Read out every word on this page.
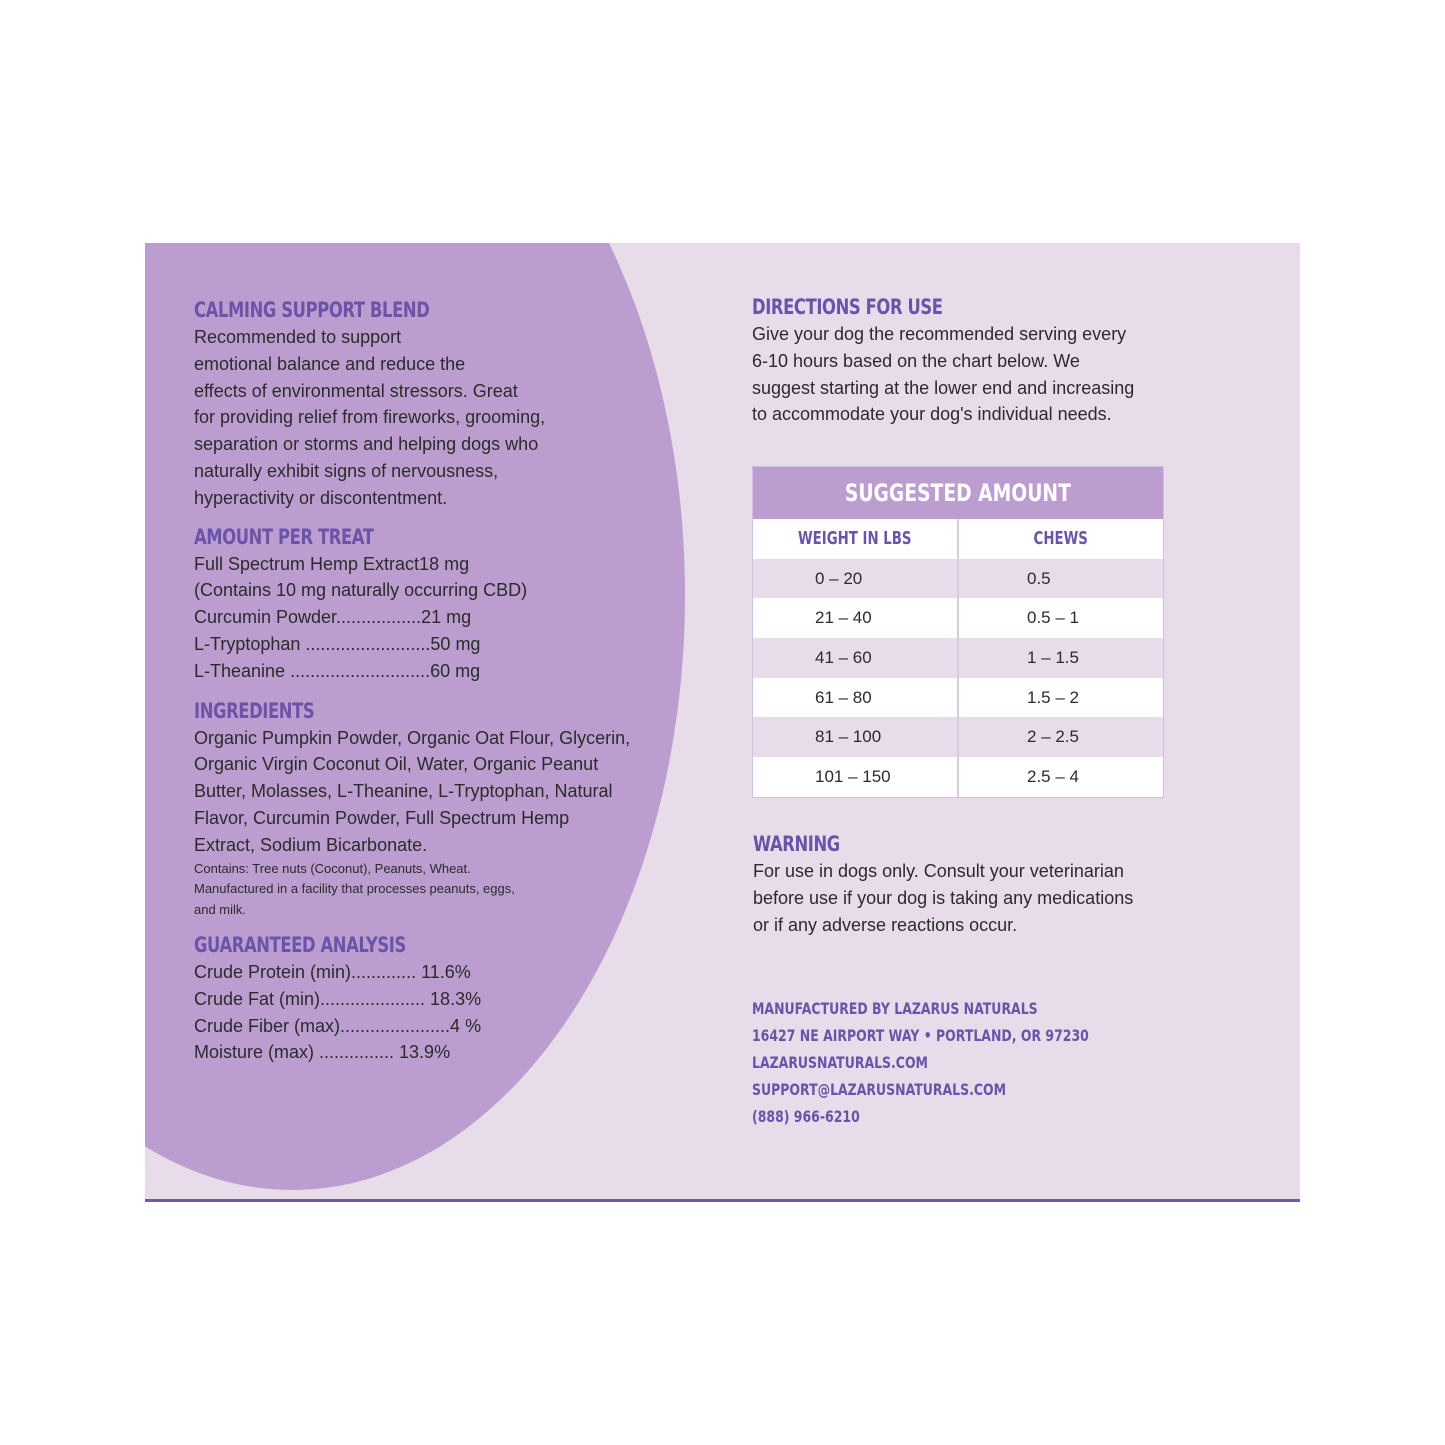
CALMING SUPPORT BLEND

Recommended to support

emotional balance and reduce the

effects of environmental stressors. Great

for providing relief from fireworks, grooming,

separation or storms and helping dogs who

naturally exhibit signs of nervousness,

hyperactivity or discontentment.

AMOUNT PER TREAT

Full Spectrum Hemp Extract18 mg

(Contains 10 mg naturally occurring CBD)

Curcumin Powder.................21 mg

L-Tryptophan .........................50 mg

L-Theanine ............................60 mg

INGREDIENTS

Organic Pumpkin Powder, Organic Oat Flour, Glycerin,

Organic Virgin Coconut Oil, Water, Organic Peanut

Butter, Molasses, L-Theanine, L-Tryptophan, Natural

Flavor, Curcumin Powder, Full Spectrum Hemp

Extract, Sodium Bicarbonate.

Contains: Tree nuts (Coconut), Peanuts, Wheat.

Manufactured in a facility that processes peanuts, eggs,

and milk.

GUARANTEED ANALYSIS

Crude Protein (min)............. 11.6%

Crude Fat (min)..................... 18.3%

Crude Fiber (max)......................4 %

Moisture (max) ............... 13.9%

DIRECTIONS FOR USE

Give your dog the recommended serving every

6-10 hours based on the chart below. We

suggest starting at the lower end and increasing

to accommodate your dog's individual needs.

SUGGESTED AMOUNT
WEIGHT IN LBS	CHEWS
0 – 20	0.5
21 – 40	0.5 – 1
41 – 60	1 – 1.5
61 – 80	1.5 – 2
81 – 100	2 – 2.5
101 – 150	2.5 – 4
WARNING

For use in dogs only. Consult your veterinarian

before use if your dog is taking any medications

or if any adverse reactions occur.

MANUFACTURED BY LAZARUS NATURALS
16427 NE AIRPORT WAY • PORTLAND, OR 97230
LAZARUSNATURALS.COM
SUPPORT@LAZARUSNATURALS.COM
(888) 966-6210
